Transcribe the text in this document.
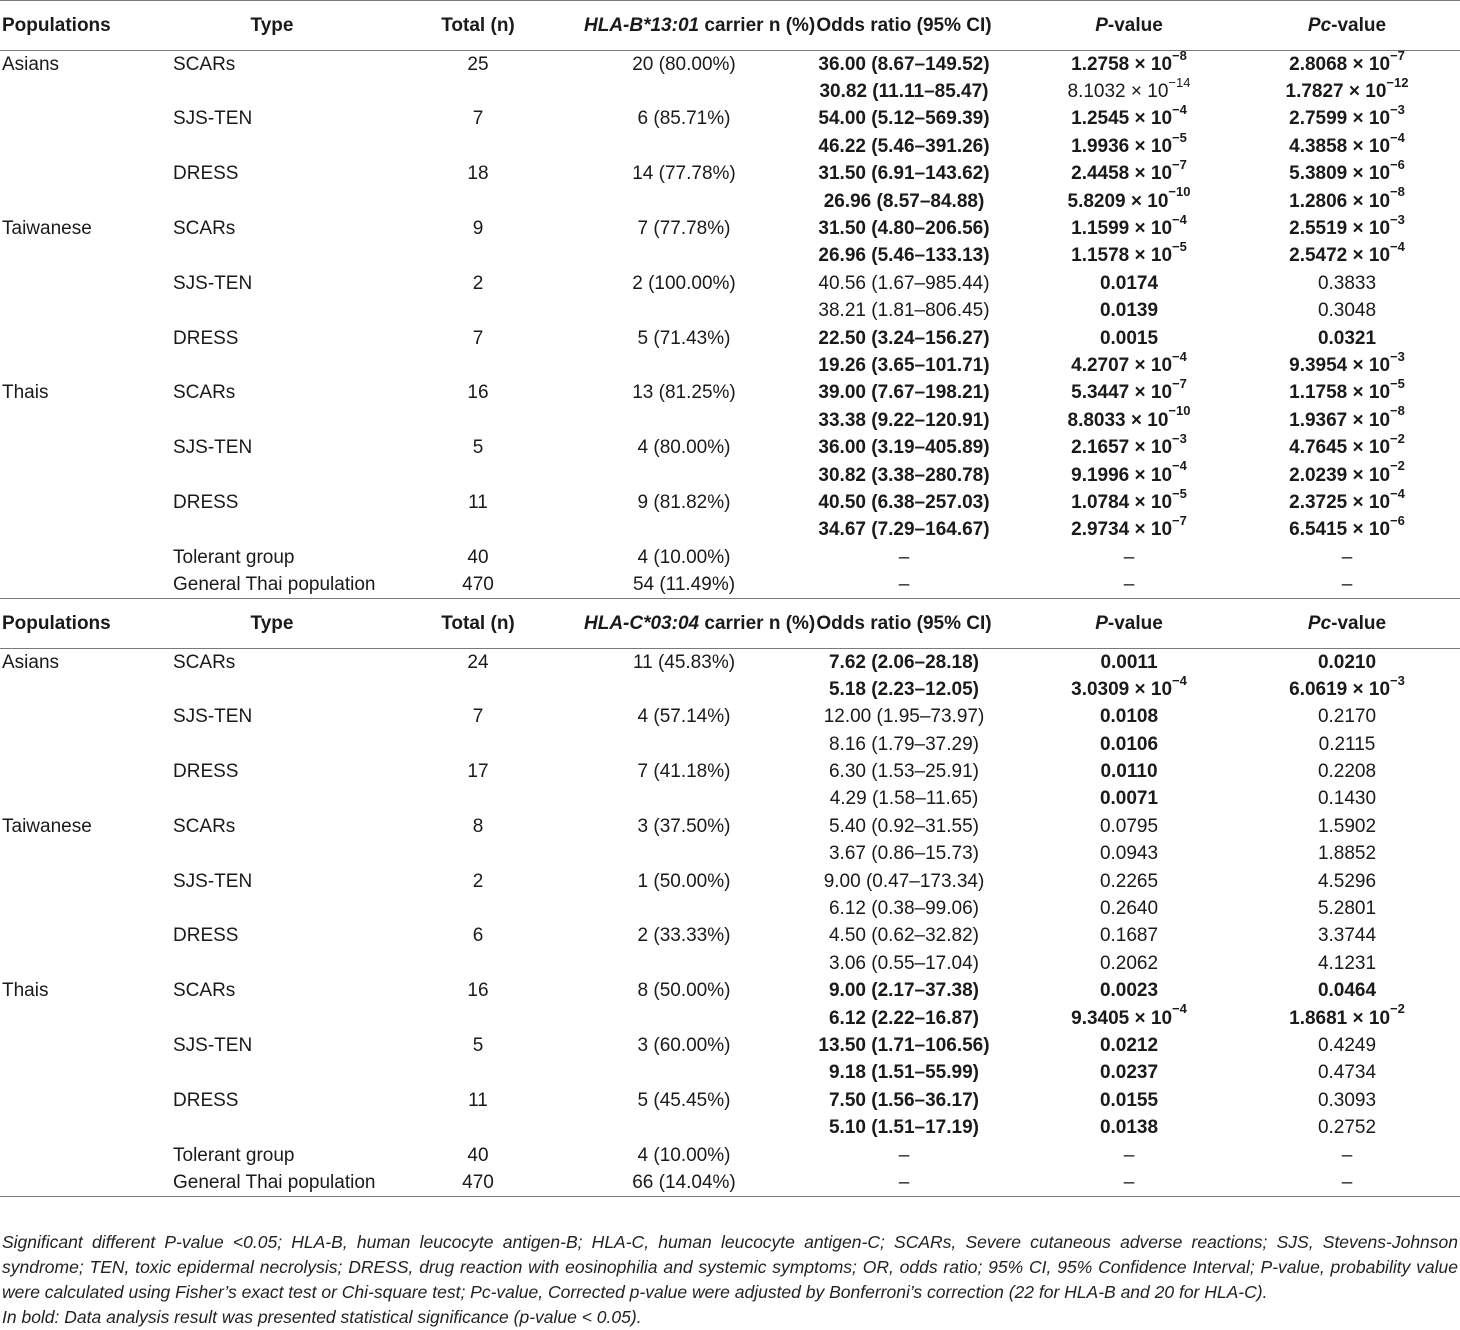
Populations	Type	Total (n)	HLA-B*13:01 carrier n (%)	Odds ratio (95% CI)	P-value	Pc-value
Asians	SCARs	25	20 (80.00%)	36.00 (8.67–149.52)	$1.2758 \times 10^{-8}$	$2.8068 \times 10^{-7}$
				30.82 (11.11–85.47)	$8.1032 \times 10^{-14}$	$1.7827 \times 10^{-12}$
	SJS-TEN	7	6 (85.71%)	54.00 (5.12–569.39)	$1.2545 \times 10^{-4}$	$2.7599 \times 10^{-3}$
				46.22 (5.46–391.26)	$1.9936 \times 10^{-5}$	$4.3858 \times 10^{-4}$
	DRESS	18	14 (77.78%)	31.50 (6.91–143.62)	$2.4458 \times 10^{-7}$	$5.3809 \times 10^{-6}$
				26.96 (8.57–84.88)	$5.8209 \times 10^{-10}$	$1.2806 \times 10^{-8}$
Taiwanese	SCARs	9	7 (77.78%)	31.50 (4.80–206.56)	$1.1599 \times 10^{-4}$	$2.5519 \times 10^{-3}$
				26.96 (5.46–133.13)	$1.1578 \times 10^{-5}$	$2.5472 \times 10^{-4}$
	SJS-TEN	2	2 (100.00%)	40.56 (1.67–985.44)	0.0174	0.3833
				38.21 (1.81–806.45)	0.0139	0.3048
	DRESS	7	5 (71.43%)	22.50 (3.24–156.27)	0.0015	0.0321
				19.26 (3.65–101.71)	$4.2707 \times 10^{-4}$	$9.3954 \times 10^{-3}$
Thais	SCARs	16	13 (81.25%)	39.00 (7.67–198.21)	$5.3447 \times 10^{-7}$	$1.1758 \times 10^{-5}$
				33.38 (9.22–120.91)	$8.8033 \times 10^{-10}$	$1.9367 \times 10^{-8}$
	SJS-TEN	5	4 (80.00%)	36.00 (3.19–405.89)	$2.1657 \times 10^{-3}$	$4.7645 \times 10^{-2}$
				30.82 (3.38–280.78)	$9.1996 \times 10^{-4}$	$2.0239 \times 10^{-2}$
	DRESS	11	9 (81.82%)	40.50 (6.38–257.03)	$1.0784 \times 10^{-5}$	$2.3725 \times 10^{-4}$
				34.67 (7.29–164.67)	$2.9734 \times 10^{-7}$	$6.5415 \times 10^{-6}$
	Tolerant group	40	4 (10.00%)	–	–	–
	General Thai population	470	54 (11.49%)	–	–	–
Populations	Type	Total (n)	HLA-C*03:04 carrier n (%)	Odds ratio (95% CI)	P-value	Pc-value
Asians	SCARs	24	11 (45.83%)	7.62 (2.06–28.18)	0.0011	0.0210
				5.18 (2.23–12.05)	$3.0309 \times 10^{-4}$	$6.0619 \times 10^{-3}$
	SJS-TEN	7	4 (57.14%)	12.00 (1.95–73.97)	0.0108	0.2170
				8.16 (1.79–37.29)	0.0106	0.2115
	DRESS	17	7 (41.18%)	6.30 (1.53–25.91)	0.0110	0.2208
				4.29 (1.58–11.65)	0.0071	0.1430
Taiwanese	SCARs	8	3 (37.50%)	5.40 (0.92–31.55)	0.0795	1.5902
				3.67 (0.86–15.73)	0.0943	1.8852
	SJS-TEN	2	1 (50.00%)	9.00 (0.47–173.34)	0.2265	4.5296
				6.12 (0.38–99.06)	0.2640	5.2801
	DRESS	6	2 (33.33%)	4.50 (0.62–32.82)	0.1687	3.3744
				3.06 (0.55–17.04)	0.2062	4.1231
Thais	SCARs	16	8 (50.00%)	9.00 (2.17–37.38)	0.0023	0.0464
				6.12 (2.22–16.87)	$9.3405 \times 10^{-4}$	$1.8681 \times 10^{-2}$
	SJS-TEN	5	3 (60.00%)	13.50 (1.71–106.56)	0.0212	0.4249
				9.18 (1.51–55.99)	0.0237	0.4734
	DRESS	11	5 (45.45%)	7.50 (1.56–36.17)	0.0155	0.3093
				5.10 (1.51–17.19)	0.0138	0.2752
	Tolerant group	40	4 (10.00%)	–	–	–
	General Thai population	470	66 (14.04%)	–	–	–

Significant different P-value <0.05; HLA-B, human leucocyte antigen-B; HLA-C, human leucocyte antigen-C; SCARs, Severe cutaneous adverse reactions; SJS, Stevens-Johnson syndrome; TEN, toxic epidermal necrolysis; DRESS, drug reaction with eosinophilia and systemic symptoms; OR, odds ratio; 95% CI, 95% Confidence Interval; P-value, probability value were calculated using Fisher’s exact test or Chi-square test; Pc-value, Corrected p-value were adjusted by Bonferroni’s correction (22 for HLA-B and 20 for HLA-C).

In bold: Data analysis result was presented statistical significance (p-value < 0.05).
